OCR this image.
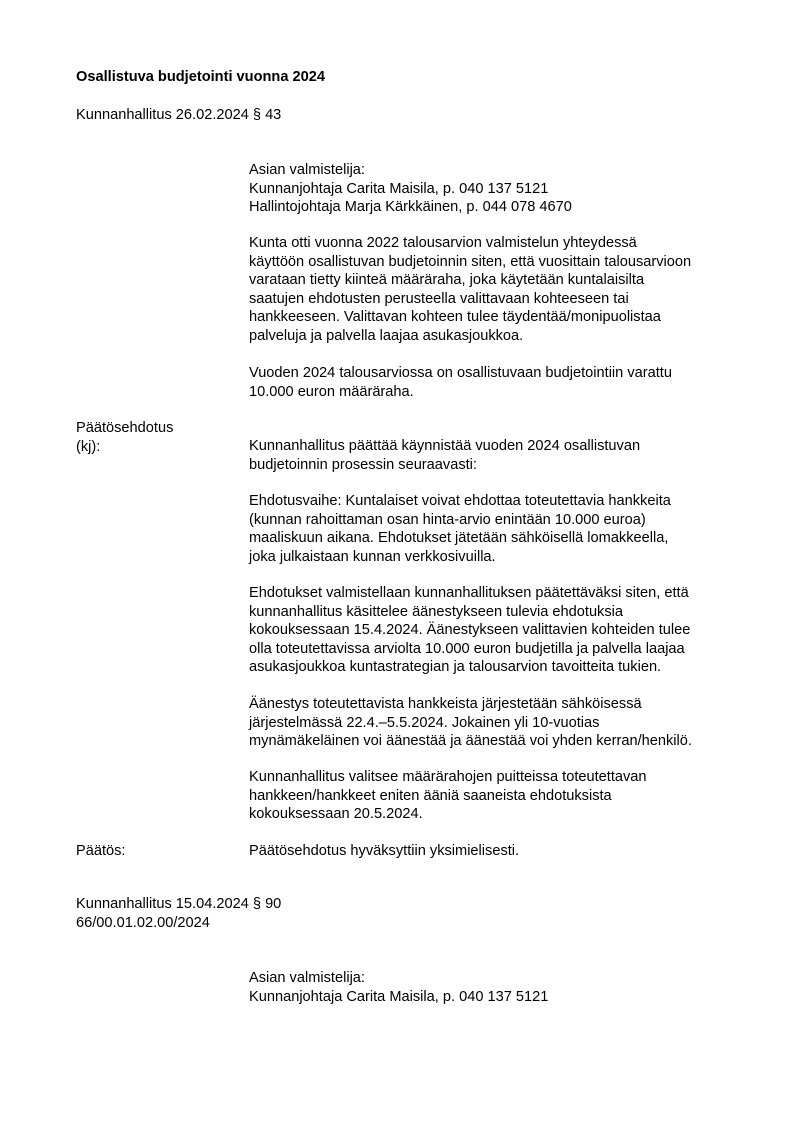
Osallistuva budjetointi vuonna 2024
Kunnanhallitus 26.02.2024 § 43
Asian valmistelija:
Kunnanjohtaja Carita Maisila, p. 040 137 5121
Hallintojohtaja Marja Kärkkäinen, p. 044 078 4670
Kunta otti vuonna 2022 talousarvion valmistelun yhteydessä
käyttöön osallistuvan budjetoinnin siten, että vuosittain talousarvioon
varataan tietty kiinteä määräraha, joka käytetään kuntalaisilta
saatujen ehdotusten perusteella valittavaan kohteeseen tai
hankkeeseen. Valittavan kohteen tulee täydentää/monipuolistaa
palveluja ja palvella laajaa asukasjoukkoa.
Vuoden 2024 talousarviossa on osallistuvaan budjetointiin varattu
10.000 euron määräraha.
Päätösehdotus
(kj):	Kunnanhallitus päättää käynnistää vuoden 2024 osallistuvan
budjetoinnin prosessin seuraavasti:
Ehdotusvaihe: Kuntalaiset voivat ehdottaa toteutettavia hankkeita
(kunnan rahoittaman osan hinta-arvio enintään 10.000 euroa)
maaliskuun aikana. Ehdotukset jätetään sähköisellä lomakkeella,
joka julkaistaan kunnan verkkosivuilla.
Ehdotukset valmistellaan kunnanhallituksen päätettäväksi siten, että
kunnanhallitus käsittelee äänestykseen tulevia ehdotuksia
kokouksessaan 15.4.2024. Äänestykseen valittavien kohteiden tulee
olla toteutettavissa arviolta 10.000 euron budjetilla ja palvella laajaa
asukasjoukkoa kuntastrategian ja talousarvion tavoitteita tukien.
Äänestys toteutettavista hankkeista järjestetään sähköisessä
järjestelmässä 22.4.–5.5.2024. Jokainen yli 10-vuotias
mynämäkeläinen voi äänestää ja äänestää voi yhden kerran/henkilö.
Kunnanhallitus valitsee määrärahojen puitteissa toteutettavan
hankkeen/hankkeet eniten ääniä saaneista ehdotuksista
kokouksessaan 20.5.2024.
Päätös:	Päätösehdotus hyväksyttiin yksimielisesti.
Kunnanhallitus 15.04.2024 § 90
66/00.01.02.00/2024
Asian valmistelija:
Kunnanjohtaja Carita Maisila, p. 040 137 5121
